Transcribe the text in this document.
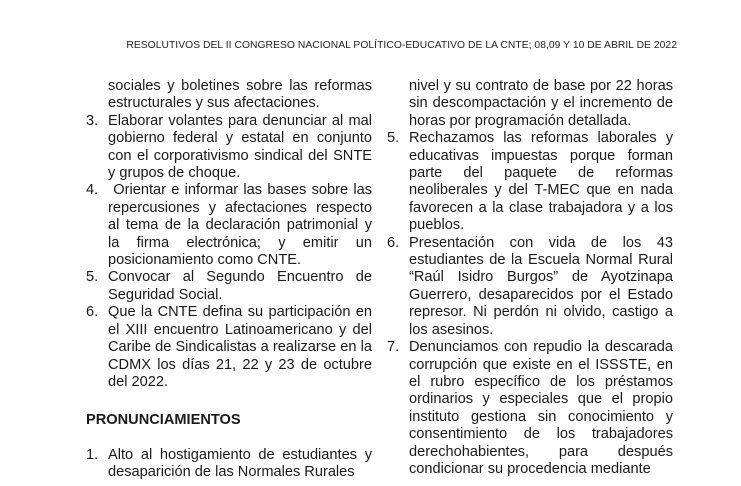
RESOLUTIVOS DEL II CONGRESO NACIONAL POLÍTICO-EDUCATIVO DE LA CNTE; 08,09 Y 10 DE ABRIL DE 2022
sociales y boletines sobre las reformas estructurales y sus afectaciones.
3. Elaborar volantes para denunciar al mal gobierno federal y estatal en conjunto con el corporativismo sindical del SNTE y grupos de choque.
4. Orientar e informar las bases sobre las repercusiones y afectaciones respecto al tema de la declaración patrimonial y la firma electrónica; y emitir un posicionamiento como CNTE.
5. Convocar al Segundo Encuentro de Seguridad Social.
6. Que la CNTE defina su participación en el XIII encuentro Latinoamericano y del Caribe de Sindicalistas a realizarse en la CDMX los días 21, 22 y 23 de octubre del 2022.
PRONUNCIAMIENTOS
1. Alto al hostigamiento de estudiantes y desaparición de las Normales Rurales
nivel y su contrato de base por 22 horas sin descompactación y el incremento de horas por programación detallada.
5. Rechazamos las reformas laborales y educativas impuestas porque forman parte del paquete de reformas neoliberales y del T-MEC que en nada favorecen a la clase trabajadora y a los pueblos.
6. Presentación con vida de los 43 estudiantes de la Escuela Normal Rural “Raúl Isidro Burgos” de Ayotzinapa Guerrero, desaparecidos por el Estado represor. Ni perdón ni olvido, castigo a los asesinos.
7. Denunciamos con repudio la descarada corrupción que existe en el ISSSTE, en el rubro específico de los préstamos ordinarios y especiales que el propio instituto gestiona sin conocimiento y consentimiento de los trabajadores derechohabientes, para después condicionar su procedencia mediante
